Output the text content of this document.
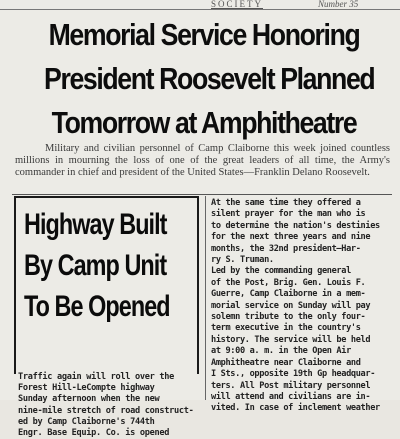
SOCIETY	Number 35
Memorial Service Honoring
President Roosevelt Planned
Tomorrow at Amphitheatre

Military and civilian personnel of Camp Claiborne this week joined countless millions in mourning the loss of one of the great leaders of all time, the Army's commander in chief and president of the United States—Franklin Delano Roosevelt.

Highway Built
By Camp Unit
To Be Opened
Traffic again will roll over the
Forest Hill-LeCompte highway
Sunday afternoon when the new
nine-mile stretch of road construct-
ed by Camp Claiborne's 744th
Engr. Base Equip. Co. is opened
At the same time they offered a
silent prayer for the man who is
to determine the nation's destinies
for the next three years and nine
months, the 32nd president—Har-
ry S. Truman.
Led by the commanding general
of the Post, Brig. Gen. Louis F.
Guerre, Camp Claiborne in a mem-
morial service on Sunday will pay
solemn tribute to the only four-
term executive in the country's
history. The service will be held
at 9:00 a. m. in the Open Air
Amphitheatre near Claiborne and
I Sts., opposite 19th Gp headquar-
ters. All Post military personnel
will attend and civilians are in-
vited. In case of inclement weather
